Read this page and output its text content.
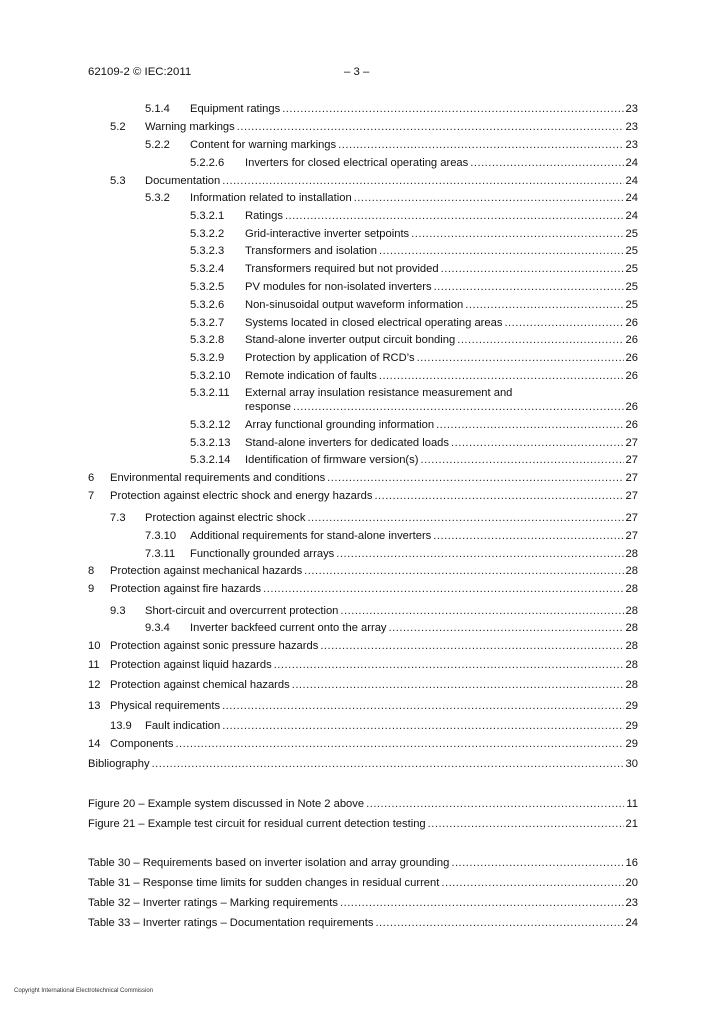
62109-2 © IEC:2011	– 3 –
5.1.4	Equipment ratings .....	23
5.2	Warning markings .....	23
5.2.2	Content for warning markings .....	23
5.2.2.6	Inverters for closed electrical operating areas .....	24
5.3	Documentation .....	24
5.3.2	Information related to installation .....	24
5.3.2.1	Ratings .....	24
5.3.2.2	Grid-interactive inverter setpoints .....	25
5.3.2.3	Transformers and isolation .....	25
5.3.2.4	Transformers required but not provided .....	25
5.3.2.5	PV modules for non-isolated inverters .....	25
5.3.2.6	Non-sinusoidal output waveform information .....	25
5.3.2.7	Systems located in closed electrical operating areas .....	26
5.3.2.8	Stand-alone inverter output circuit bonding .....	26
5.3.2.9	Protection by application of RCD’s .....	26
5.3.2.10	Remote indication of faults .....	26
5.3.2.11 External array insulation resistance measurement and
response .....	26
5.3.2.12	Array functional grounding information .....	26
5.3.2.13	Stand-alone inverters for dedicated loads .....	27
5.3.2.14	Identification of firmware version(s) .....	27
6	Environmental requirements and conditions .....	27
7	Protection against electric shock and energy hazards .....	27
7.3	Protection against electric shock .....	27
7.3.10	Additional requirements for stand-alone inverters .....	27
7.3.11	Functionally grounded arrays .....	28
8	Protection against mechanical hazards .....	28
9	Protection against fire hazards .....	28
9.3	Short-circuit and overcurrent protection .....	28
9.3.4	Inverter backfeed current onto the array .....	28
10 Protection against sonic pressure hazards .....	28
11 Protection against liquid hazards .....	28
12 Protection against chemical hazards .....	28
13 Physical requirements .....	29
13.9	Fault indication .....	29
14 Components .....	29
Bibliography .....	30
Figure 20 – Example system discussed in Note 2 above .....	11
Figure 21 – Example test circuit for residual current detection testing .....	21
Table 30 – Requirements based on inverter isolation and array grounding .....	16
Table 31 – Response time limits for sudden changes in residual current .....	20
Table 32 – Inverter ratings – Marking requirements .....	23
Table 33 – Inverter ratings – Documentation requirements .....	24
Copyright International Electrotechnical Commission
